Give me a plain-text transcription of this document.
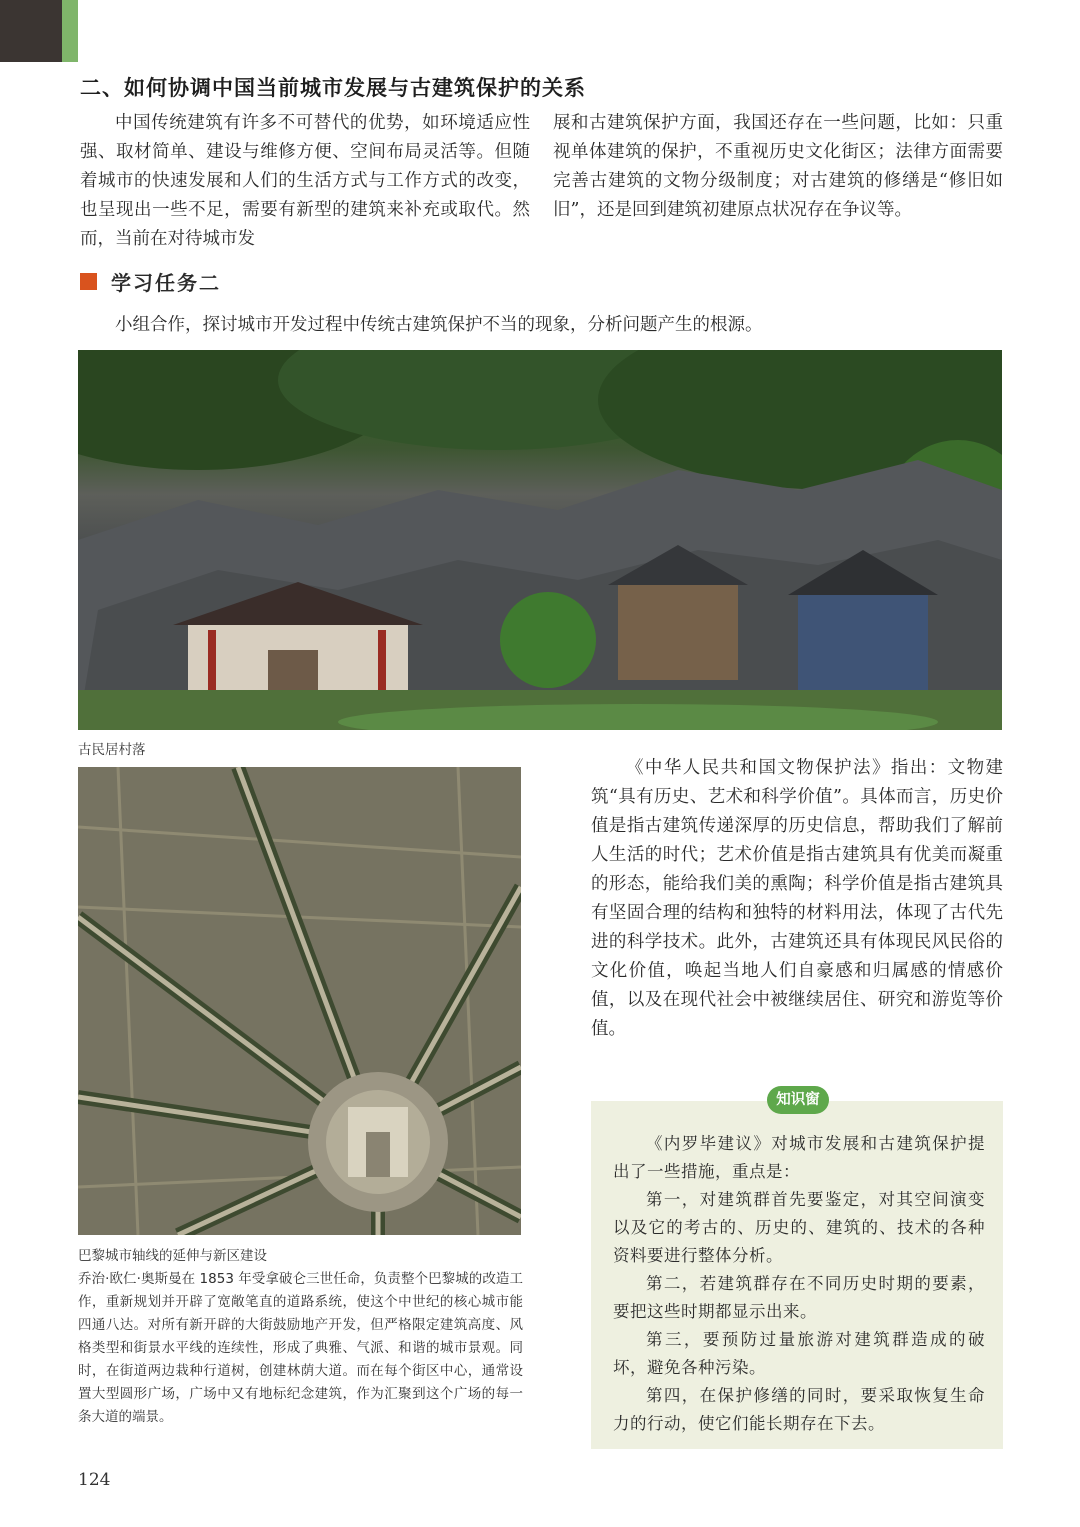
二、如何协调中国当前城市发展与古建筑保护的关系

中国传统建筑有许多不可替代的优势，如环境适应性强、取材简单、建设与维修方便、空间布局灵活等。但随着城市的快速发展和人们的生活方式与工作方式的改变，也呈现出一些不足，需要有新型的建筑来补充或取代。然而，当前在对待城市发

展和古建筑保护方面，我国还存在一些问题，比如：只重视单体建筑的保护，不重视历史文化街区；法律方面需要完善古建筑的文物分级制度；对古建筑的修缮是“修旧如旧”，还是回到建筑初建原点状况存在争议等。

学习任务二
小组合作，探讨城市开发过程中传统古建筑保护不当的现象，分析问题产生的根源。
古民居村落
巴黎城市轴线的延伸与新区建设

乔治·欧仁·奥斯曼在 1853 年受拿破仑三世任命，负责整个巴黎城的改造工作，重新规划并开辟了宽敞笔直的道路系统，使这个中世纪的核心城市能四通八达。对所有新开辟的大街鼓励地产开发，但严格限定建筑高度、风格类型和街景水平线的连续性，形成了典雅、气派、和谐的城市景观。同时，在街道两边栽种行道树，创建林荫大道。而在每个街区中心，通常设置大型圆形广场，广场中又有地标纪念建筑，作为汇聚到这个广场的每一条大道的端景。

《中华人民共和国文物保护法》指出：文物建筑“具有历史、艺术和科学价值”。具体而言，历史价值是指古建筑传递深厚的历史信息，帮助我们了解前人生活的时代；艺术价值是指古建筑具有优美而凝重的形态，能给我们美的熏陶；科学价值是指古建筑具有坚固合理的结构和独特的材料用法，体现了古代先进的科学技术。此外，古建筑还具有体现民风民俗的文化价值，唤起当地人们自豪感和归属感的情感价值，以及在现代社会中被继续居住、研究和游览等价值。

知识窗

《内罗毕建议》对城市发展和古建筑保护提出了一些措施，重点是：

第一，对建筑群首先要鉴定，对其空间演变以及它的考古的、历史的、建筑的、技术的各种资料要进行整体分析。

第二，若建筑群存在不同历史时期的要素，要把这些时期都显示出来。

第三，要预防过量旅游对建筑群造成的破坏，避免各种污染。

第四，在保护修缮的同时，要采取恢复生命力的行动，使它们能长期存在下去。

124
